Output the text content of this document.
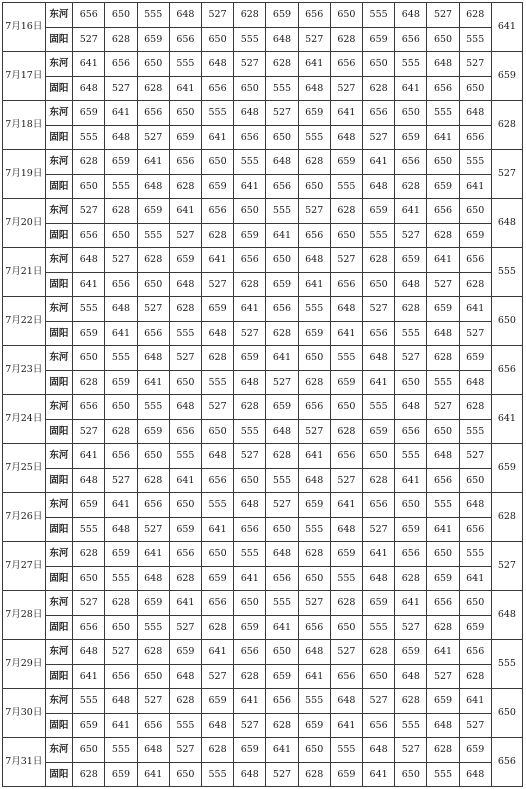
7月16日	东河	656	650	555	648	527	628	659	656	650	555	648	527	628	641
	固阳	527	628	659	656	650	555	648	527	628	659	656	650	555	
7月17日	东河	641	656	650	555	648	527	628	641	656	650	555	648	527	659
	固阳	648	527	628	641	656	650	555	648	527	628	641	656	650	
7月18日	东河	659	641	656	650	555	648	527	659	641	656	650	555	648	628
	固阳	555	648	527	659	641	656	650	555	648	527	659	641	656	
7月19日	东河	628	659	641	656	650	555	648	628	659	641	656	650	555	527
	固阳	650	555	648	628	659	641	656	650	555	648	628	659	641	
7月20日	东河	527	628	659	641	656	650	555	527	628	659	641	656	650	648
	固阳	656	650	555	527	628	659	641	656	650	555	527	628	659	
7月21日	东河	648	527	628	659	641	656	650	648	527	628	659	641	656	555
	固阳	641	656	650	648	527	628	659	641	656	650	648	527	628	
7月22日	东河	555	648	527	628	659	641	656	555	648	527	628	659	641	650
	固阳	659	641	656	555	648	527	628	659	641	656	555	648	527	
7月23日	东河	650	555	648	527	628	659	641	650	555	648	527	628	659	656
	固阳	628	659	641	650	555	648	527	628	659	641	650	555	648	
7月24日	东河	656	650	555	648	527	628	659	656	650	555	648	527	628	641
	固阳	527	628	659	656	650	555	648	527	628	659	656	650	555	
7月25日	东河	641	656	650	555	648	527	628	641	656	650	555	648	527	659
	固阳	648	527	628	641	656	650	555	648	527	628	641	656	650	
7月26日	东河	659	641	656	650	555	648	527	659	641	656	650	555	648	628
	固阳	555	648	527	659	641	656	650	555	648	527	659	641	656	
7月27日	东河	628	659	641	656	650	555	648	628	659	641	656	650	555	527
	固阳	650	555	648	628	659	641	656	650	555	648	628	659	641	
7月28日	东河	527	628	659	641	656	650	555	527	628	659	641	656	650	648
	固阳	656	650	555	527	628	659	641	656	650	555	527	628	659	
7月29日	东河	648	527	628	659	641	656	650	648	527	628	659	641	656	555
	固阳	641	656	650	648	527	628	659	641	656	650	648	527	628	
7月30日	东河	555	648	527	628	659	641	656	555	648	527	628	659	641	650
	固阳	659	641	656	555	648	527	628	659	641	656	555	648	527	
7月31日	东河	650	555	648	527	628	659	641	650	555	648	527	628	659	656
	固阳	628	659	641	650	555	648	527	628	659	641	650	555	648	
